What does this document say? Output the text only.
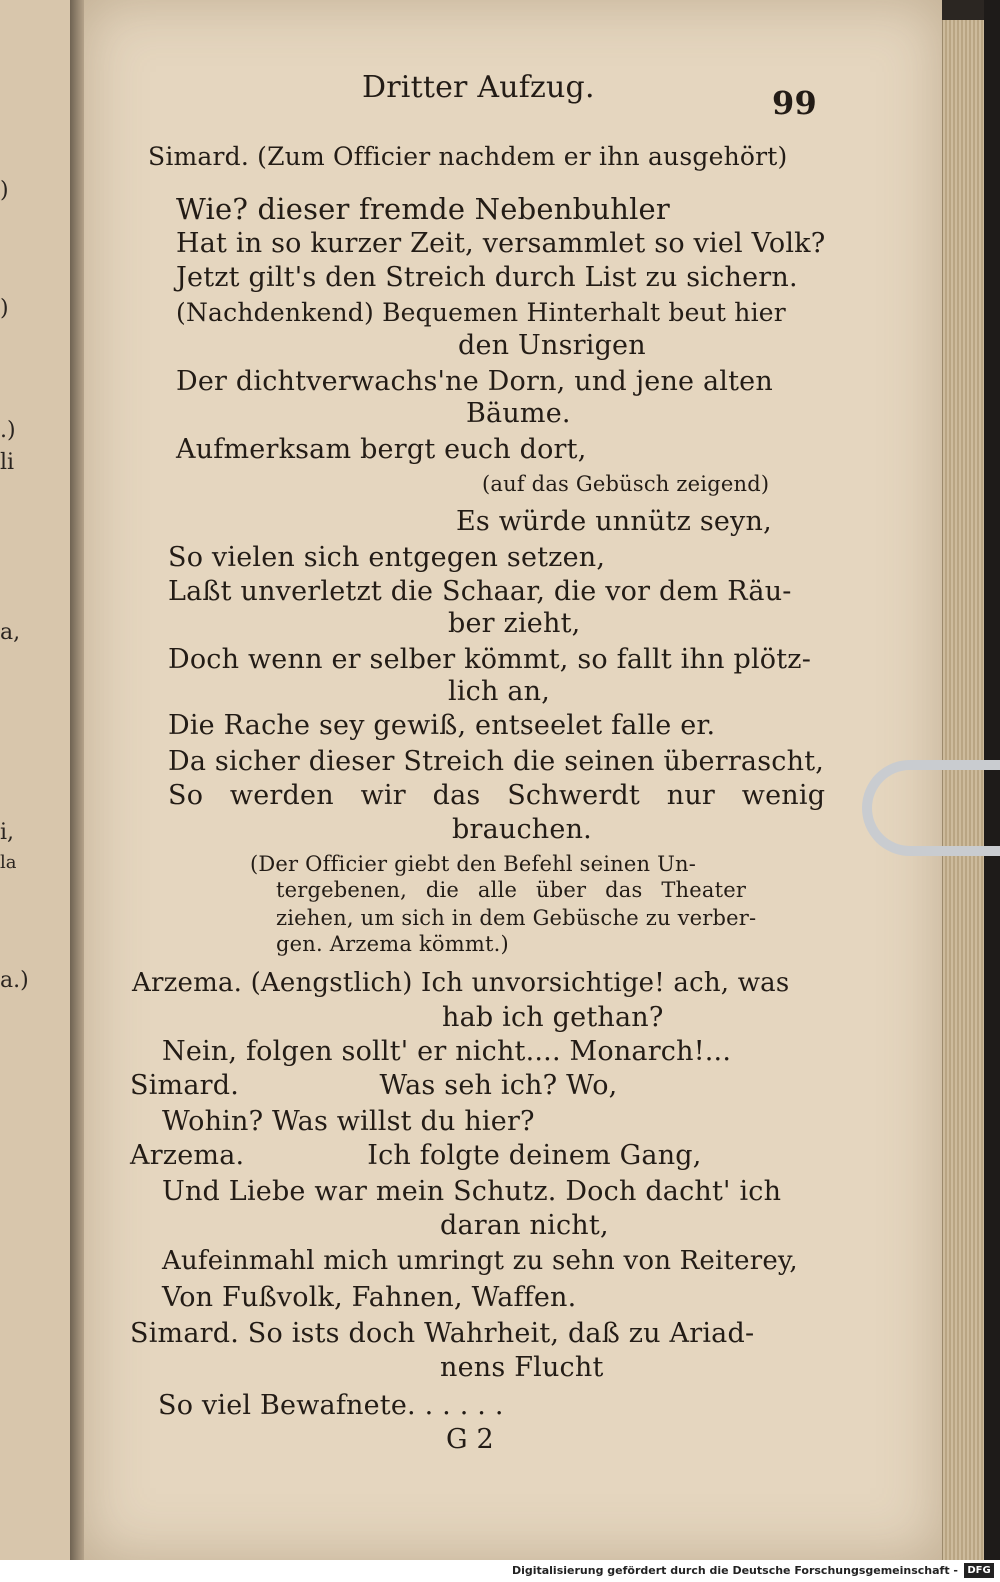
)
)
.)
li
a,
i,
la
a.)
Dritter Aufzug.	99
Simard. (Zum Officier nachdem er ihn ausgehört)
Wie? dieser fremde Nebenbuhler
Hat in so kurzer Zeit, versammlet so viel Volk?
Jetzt gilt's den Streich durch List zu sichern.
(Nachdenkend) Bequemen Hinterhalt beut hier
den Unsrigen
Der dichtverwachs'ne Dorn, und jene alten
Bäume.
Aufmerksam bergt euch dort,
(auf das Gebüsch zeigend)
Es würde unnütz seyn,
So vielen sich entgegen setzen,
Laßt unverletzt die Schaar, die vor dem Räu-
ber zieht,
Doch wenn er selber kömmt, so fallt ihn plötz-
lich an,
Die Rache sey gewiß, entseelet falle er.
Da sicher dieser Streich die seinen überrascht,
So werden wir das Schwerdt nur wenig
brauchen.
(Der Officier giebt den Befehl seinen Un-
tergebenen, die alle über das Theater
ziehen, um sich in dem Gebüsche zu verber-
gen. Arzema kömmt.)
Arzema. (Aengstlich) Ich unvorsichtige! ach, was
hab ich gethan?
Nein, folgen sollt' er nicht.... Monarch!...
Simard.                Was seh ich? Wo,
Wohin? Was willst du hier?
Arzema.              Ich folgte deinem Gang,
Und Liebe war mein Schutz. Doch dacht' ich
daran nicht,
Aufeinmahl mich umringt zu sehn von Reiterey,
Von Fußvolk, Fahnen, Waffen.
Simard. So ists doch Wahrheit, daß zu Ariad-
nens Flucht
So viel Bewafnete. . . . . .
G 2
Digitalisierung gefördert durch die Deutsche Forschungsgemeinschaft - DFG
